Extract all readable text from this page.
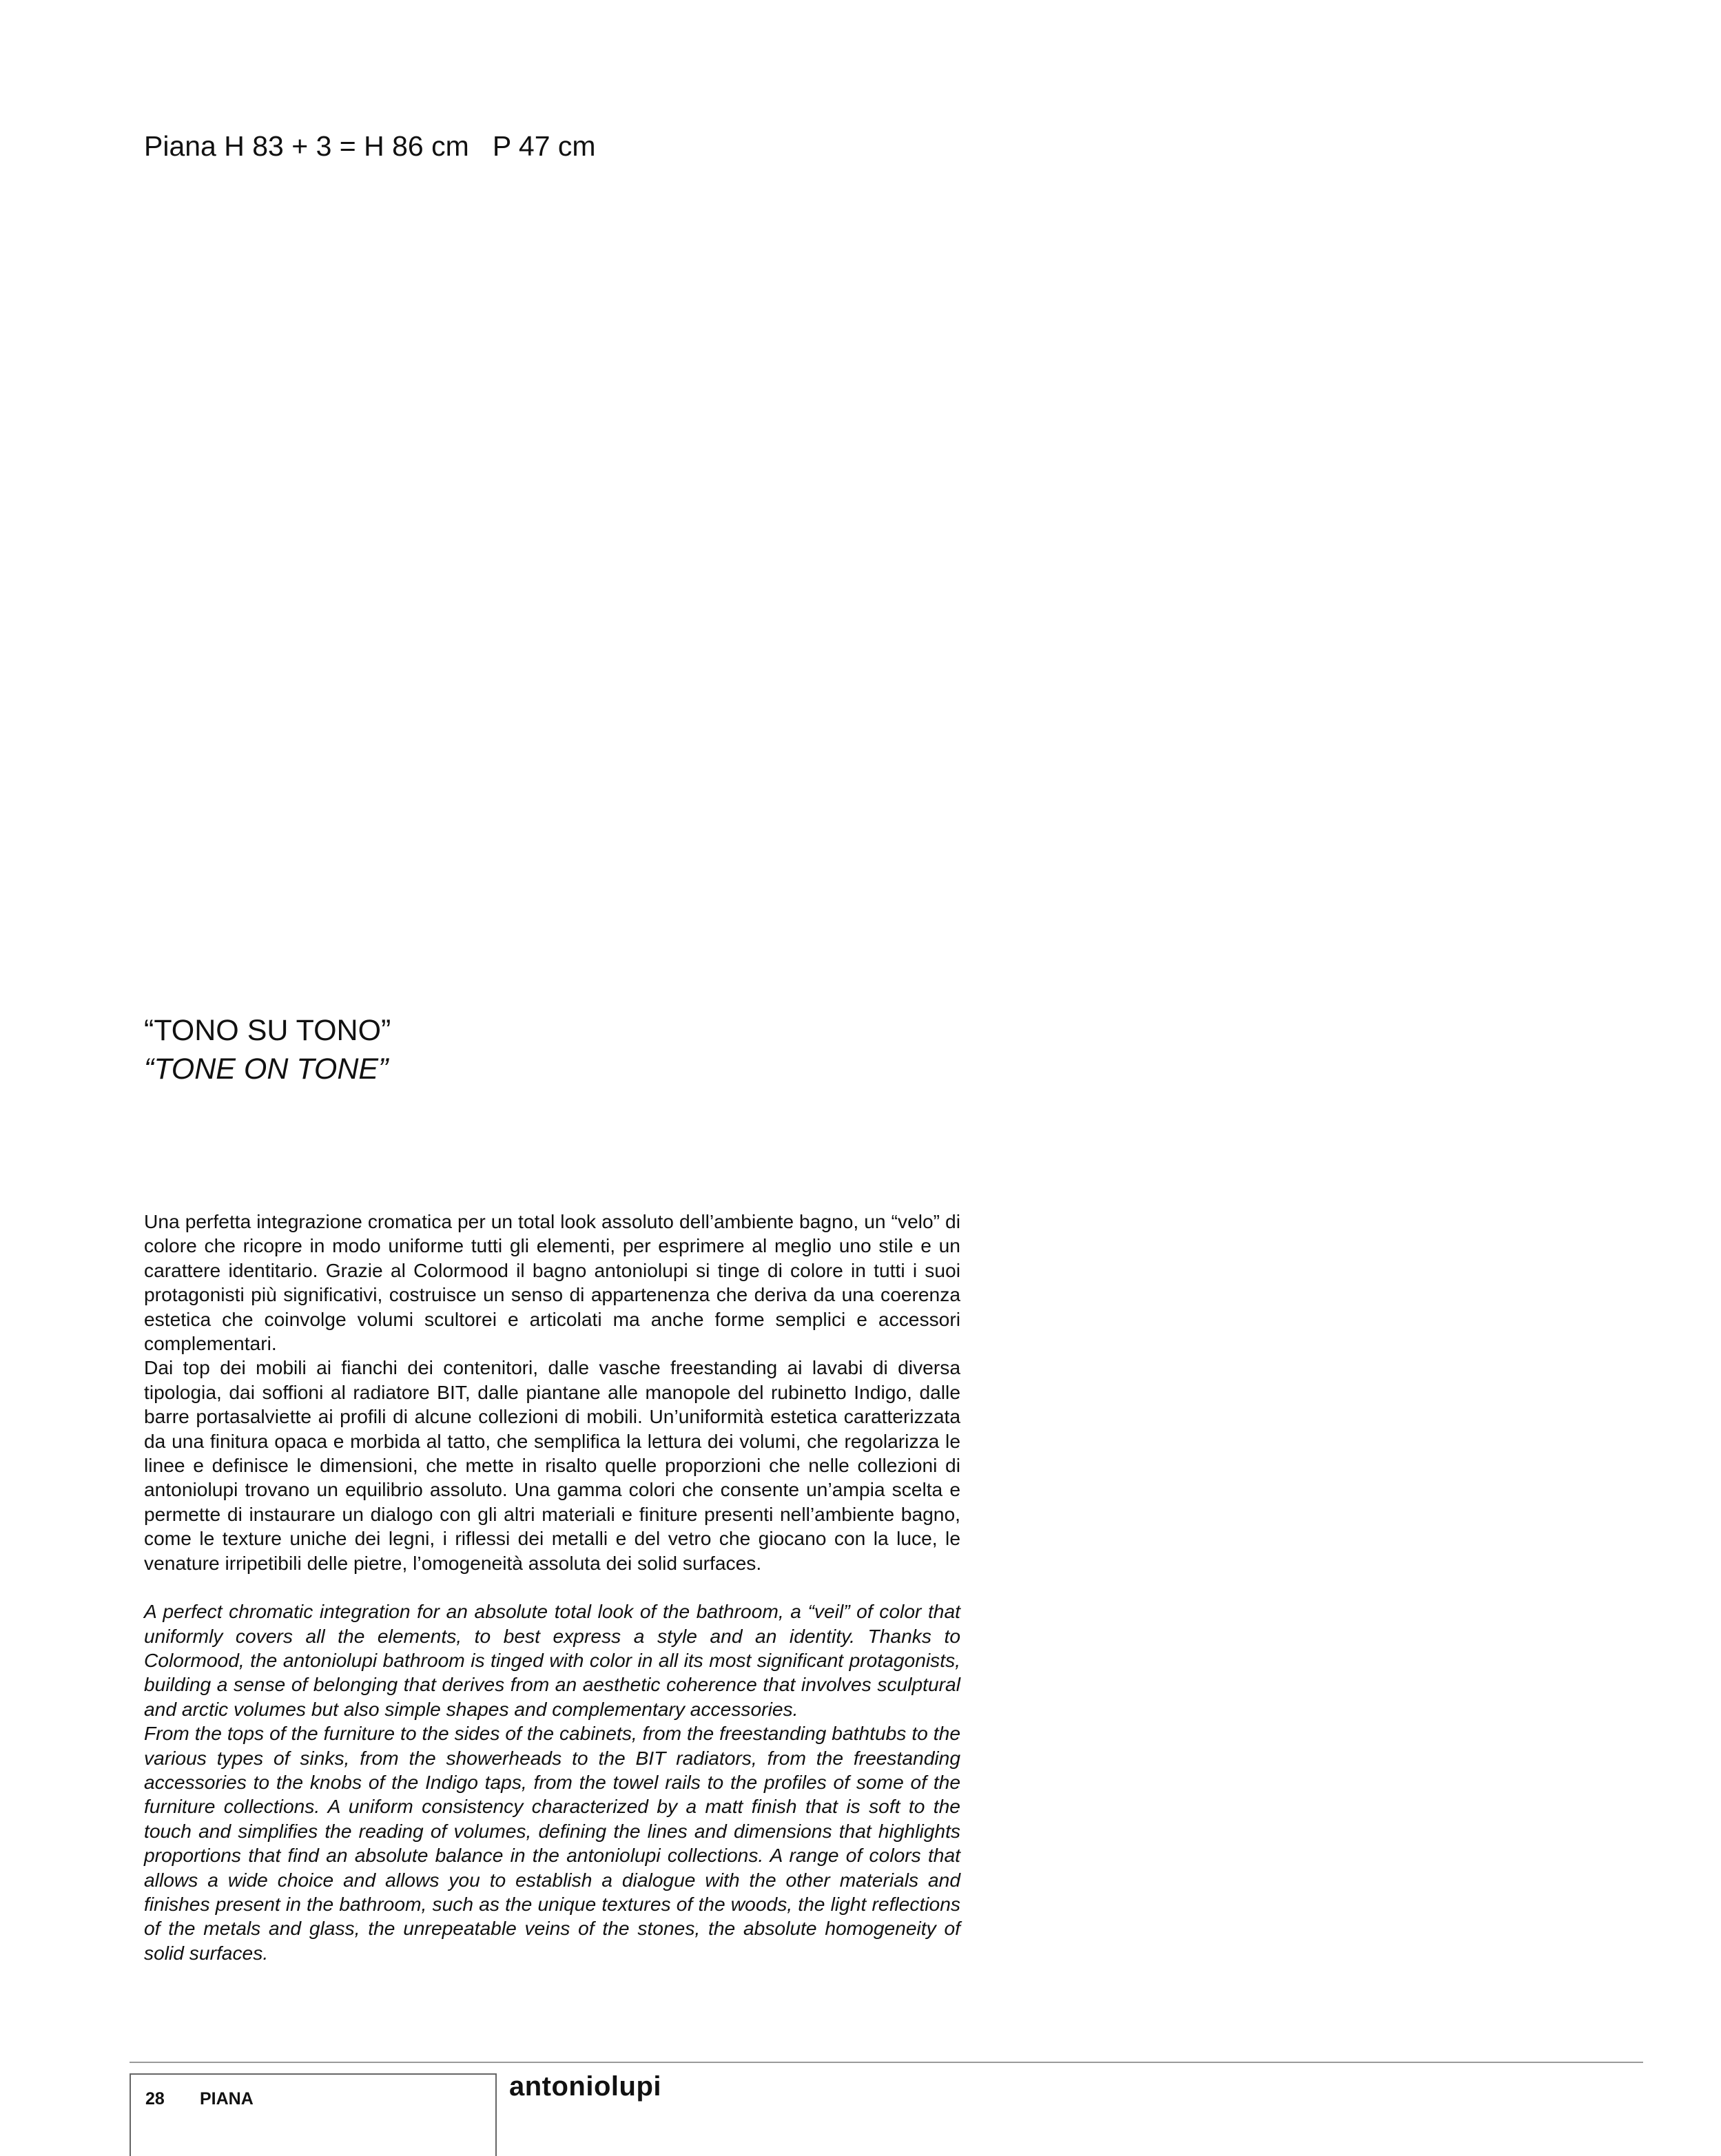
Piana H 83 + 3 = H 86 cm   P 47 cm
“TONO SU TONO”
“TONE ON TONE”

Una perfetta integrazione cromatica per un total look assoluto dell’ambiente bagno, un “velo” di colore che ricopre in modo uniforme tutti gli elementi, per esprimere al meglio uno stile e un carattere identitario. Grazie al Colormood il bagno antoniolupi si tinge di colore in tutti i suoi protagonisti più significativi, costruisce un senso di appartenenza che deriva da una coerenza estetica che coinvolge volumi scultorei e articolati ma anche forme semplici e accessori complementari.

Dai top dei mobili ai fianchi dei contenitori, dalle vasche freestanding ai lavabi di diversa tipologia, dai soffioni al radiatore BIT, dalle piantane alle manopole del rubinetto Indigo, dalle barre portasalviette ai profili di alcune collezioni di mobili. Un’uniformità estetica caratterizzata da una finitura opaca e morbida al tatto, che semplifica la lettura dei volumi, che regolarizza le linee e definisce le dimensioni, che mette in risalto quelle proporzioni che nelle collezioni di antoniolupi trovano un equilibrio assoluto. Una gamma colori che consente un’ampia scelta e permette di instaurare un dialogo con gli altri materiali e finiture presenti nell’ambiente bagno, come le texture uniche dei legni, i riflessi dei metalli e del vetro che giocano con la luce, le venature irripetibili delle pietre, l’omogeneità assoluta dei solid surfaces.

A perfect chromatic integration for an absolute total look of the bathroom, a “veil” of color that uniformly covers all the elements, to best express a style and an identity. Thanks to Colormood, the antoniolupi bathroom is tinged with color in all its most significant protagonists, building a sense of belonging that derives from an aesthetic coherence that involves sculptural and arctic volumes but also simple shapes and complementary accessories.

From the tops of the furniture to the sides of the cabinets, from the freestanding bathtubs to the various types of sinks, from the showerheads to the BIT radiators, from the freestanding accessories to the knobs of the Indigo taps, from the towel rails to the profiles of some of the furniture collections. A uniform consistency characterized by a matt finish that is soft to the touch and simplifies the reading of volumes, defining the lines and dimensions that highlights proportions that find an absolute balance in the antoniolupi collections. A range of colors that allows a wide choice and allows you to establish a dialogue with the other materials and finishes present in the bathroom, such as the unique textures of the woods, the light reflections of the metals and glass, the unrepeatable veins of the stones, the absolute homogeneity of solid surfaces.

28 PIANA	antoniolupi
